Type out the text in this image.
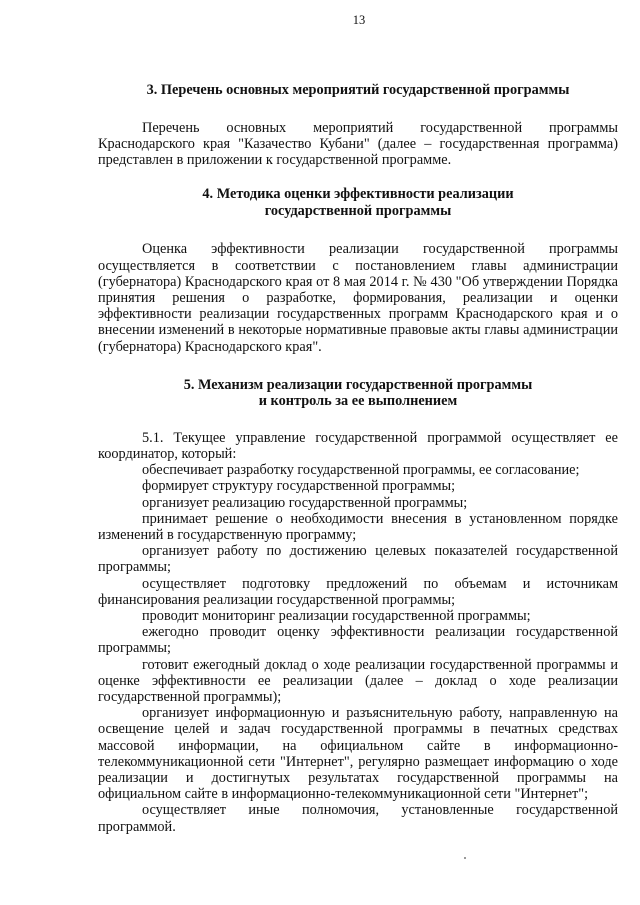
13
3. Перечень основных мероприятий государственной программы

Перечень основных мероприятий государственной программы Краснодарского края "Казачество Кубани" (далее – государственная программа) представлен в приложении к государственной программе.

4. Методика оценки эффективности реализации
государственной программы

Оценка эффективности реализации государственной программы осуществляется в соответствии с постановлением главы администрации (губернатора) Краснодарского края от 8 мая 2014 г. № 430 "Об утверждении Порядка принятия решения о разработке, формирования, реализации и оценки эффективности реализации государственных программ Краснодарского края и о внесении изменений в некоторые нормативные правовые акты главы администрации (губернатора) Краснодарского края".

5. Механизм реализации государственной программы
и контроль за ее выполнением

5.1. Текущее управление государственной программой осуществляет ее координатор, который:

обеспечивает разработку государственной программы, ее согласование;

формирует структуру государственной программы;

организует реализацию государственной программы;

принимает решение о необходимости внесения в установленном порядке изменений в государственную программу;

организует работу по достижению целевых показателей государственной программы;

осуществляет подготовку предложений по объемам и источникам финансирования реализации государственной программы;

проводит мониторинг реализации государственной программы;

ежегодно проводит оценку эффективности реализации государственной программы;

готовит ежегодный доклад о ходе реализации государственной программы и оценке эффективности ее реализации (далее – доклад о ходе реализации государственной программы);

организует информационную и разъяснительную работу, направленную на освещение целей и задач государственной программы в печатных средствах массовой информации, на официальном сайте в информационно-телекоммуникационной сети "Интернет", регулярно размещает информацию о ходе реализации и достигнутых результатах государственной программы на официальном сайте в информационно-телекоммуникационной сети "Интернет";

осуществляет иные полномочия, установленные государственной программой.
